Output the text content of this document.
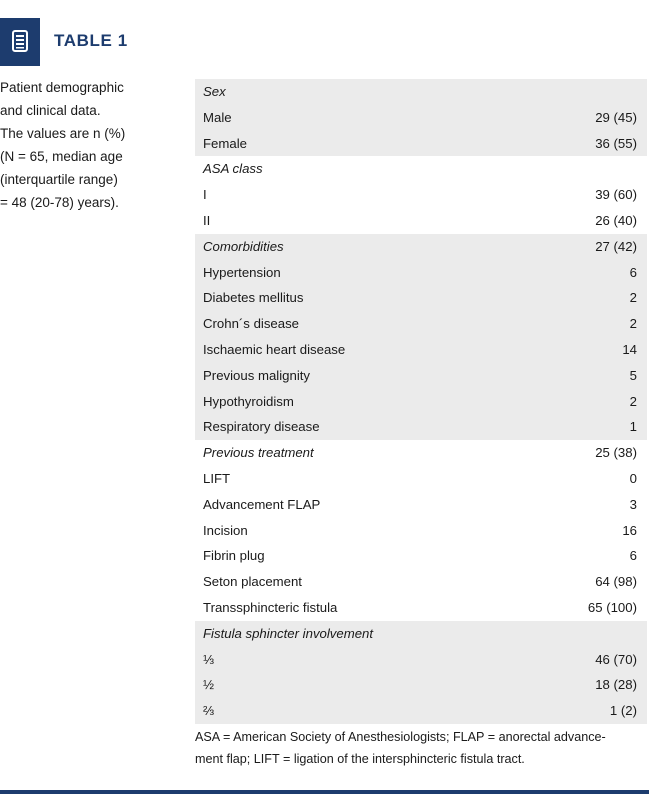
TABLE 1
Patient demographic
and clinical data.
The values are n (%)
(N = 65, median age
(interquartile range)
= 48 (20-78) years).
Sex
Male	29 (45)
Female	36 (55)
ASA class
I	39 (60)
II	26 (40)
Comorbidities	27 (42)
Hypertension	6
Diabetes mellitus	2
Crohn´s disease	2
Ischaemic heart disease	14
Previous malignity	5
Hypothyroidism	2
Respiratory disease	1
Previous treatment	25 (38)
LIFT	0
Advancement FLAP	3
Incision	16
Fibrin plug	6
Seton placement	64 (98)
Transsphincteric fistula	65 (100)
Fistula sphincter involvement
⅓	46 (70)
½	18 (28)
⅔	1 (2)
ASA = American Society of Anesthesiologists; FLAP = anorectal advance-
ment flap; LIFT = ligation of the intersphincteric fistula tract.
